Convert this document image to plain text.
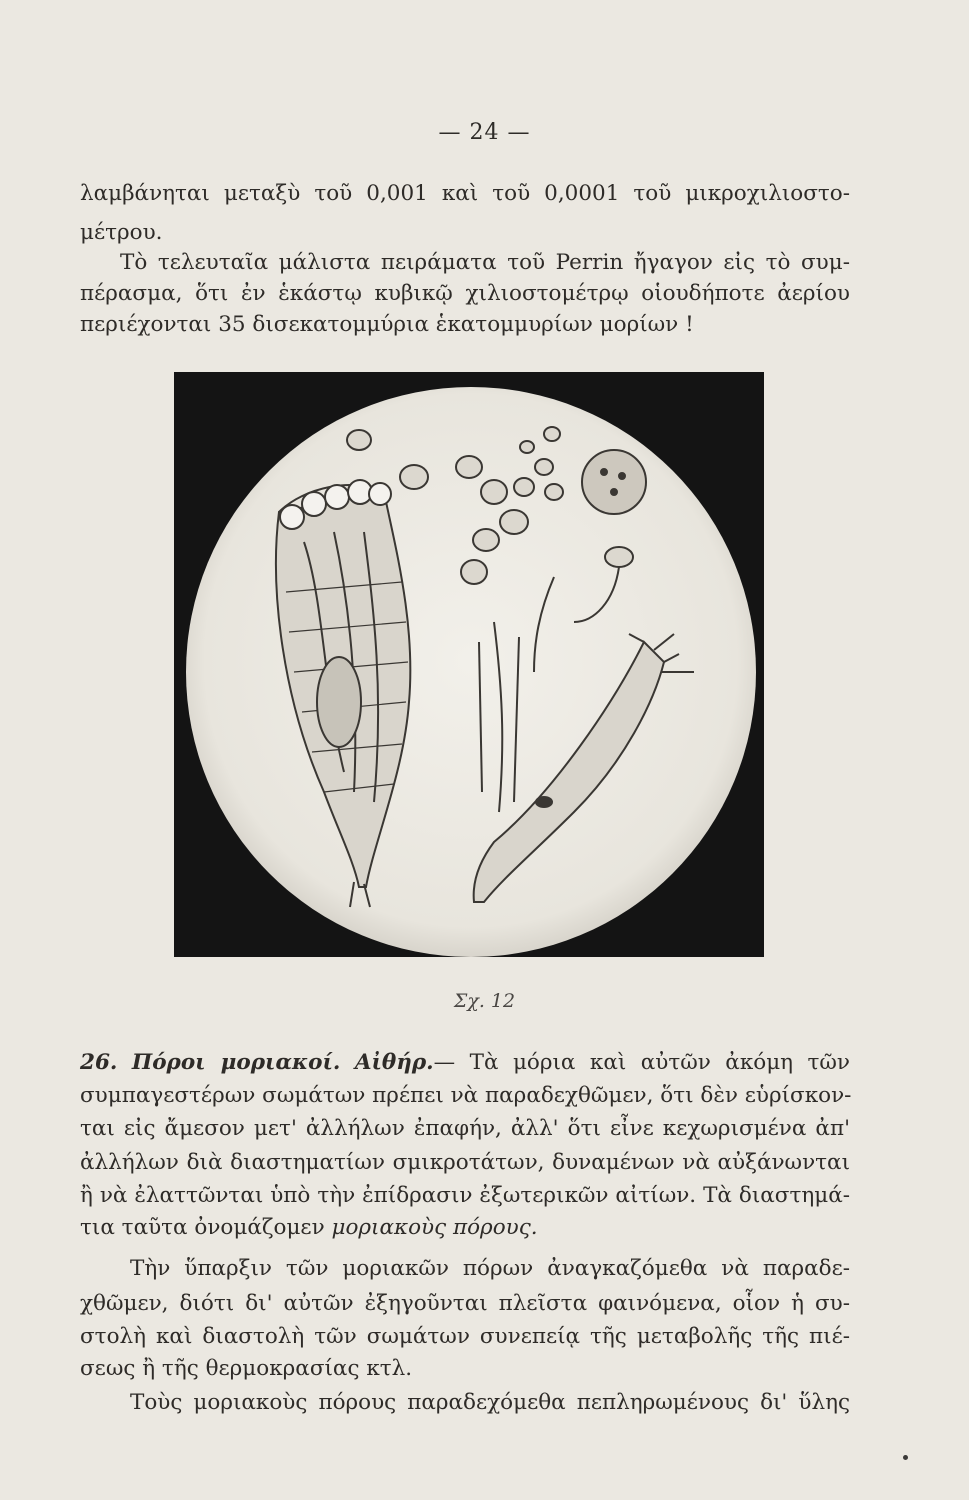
— 24 —
λαμβάνηται μεταξὺ τοῦ 0,001 καὶ τοῦ 0,0001 τοῦ μικροχιλιοστο-
μέτρου.
Τὸ τελευταῖα μάλιστα πειράματα τοῦ Perrin ἤγαγον εἰς τὸ συμ-
πέρασμα, ὅτι ἐν ἑκάστῳ κυβικῷ χιλιοστομέτρῳ οἱουδήποτε ἀερίου
περιέχονται 35 δισεκατομμύρια ἑκατομμυρίων μορίων !
Σχ. 12
26. Πόροι μοριακοί. Αἰθήρ.— Τὰ μόρια καὶ αὐτῶν ἀκόμη τῶν
συμπαγεστέρων σωμάτων πρέπει νὰ παραδεχθῶμεν, ὅτι δὲν εὑρίσκον-
ται εἰς ἄμεσον μετ' ἀλλήλων ἐπαφήν, ἀλλ' ὅτι εἶνε κεχωρισμένα ἀπ'
ἀλλήλων διὰ διαστηματίων σμικροτάτων, δυναμένων νὰ αὐξάνωνται
ἢ νὰ ἐλαττῶνται ὑπὸ τὴν ἐπίδρασιν ἐξωτερικῶν αἰτίων. Τὰ διαστημά-
τια ταῦτα ὀνομάζομεν μοριακοὺς πόρους.
Τὴν ὕπαρξιν τῶν μοριακῶν πόρων ἀναγκαζόμεθα νὰ παραδε-
χθῶμεν, διότι δι' αὐτῶν ἐξηγοῦνται πλεῖστα φαινόμενα, οἷον ἡ συ-
στολὴ καὶ διαστολὴ τῶν σωμάτων συνεπείᾳ τῆς μεταβολῆς τῆς πιέ-
σεως ἢ τῆς θερμοκρασίας κτλ.
Τοὺς μοριακοὺς πόρους παραδεχόμεθα πεπληρωμένους δι' ὕλης
